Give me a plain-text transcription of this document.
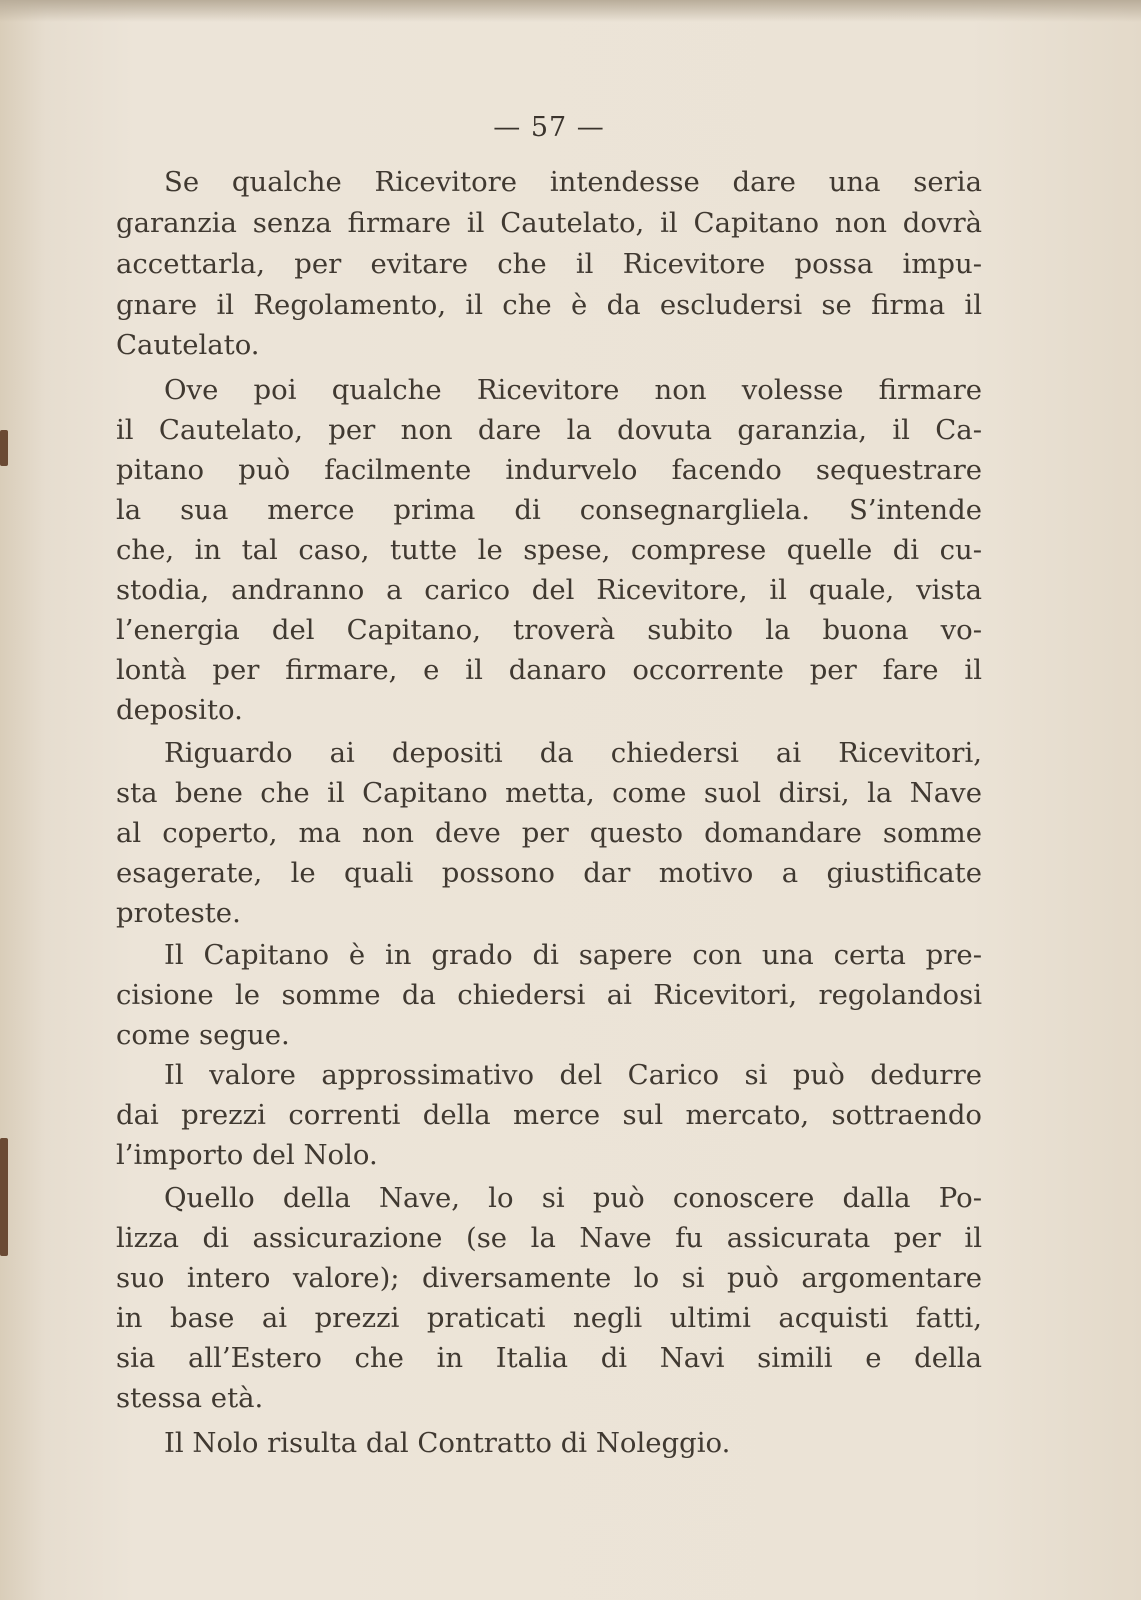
— 57 —
Se qualche Ricevitore intendesse dare una seria
garanzia senza firmare il Cautelato, il Capitano non dovrà
accettarla, per evitare che il Ricevitore possa impu-
gnare il Regolamento, il che è da escludersi se firma il
Cautelato.
Ove poi qualche Ricevitore non volesse firmare
il Cautelato, per non dare la dovuta garanzia, il Ca-
pitano può facilmente indurvelo facendo sequestrare
la sua merce prima di consegnargliela. S’intende
che, in tal caso, tutte le spese, comprese quelle di cu-
stodia, andranno a carico del Ricevitore, il quale, vista
l’energia del Capitano, troverà subito la buona vo-
lontà per firmare, e il danaro occorrente per fare il
deposito.
Riguardo ai depositi da chiedersi ai Ricevitori,
sta bene che il Capitano metta, come suol dirsi, la Nave
al coperto, ma non deve per questo domandare somme
esagerate, le quali possono dar motivo a giustificate
proteste.
Il Capitano è in grado di sapere con una certa pre-
cisione le somme da chiedersi ai Ricevitori, regolandosi
come segue.
Il valore approssimativo del Carico si può dedurre
dai prezzi correnti della merce sul mercato, sottraendo
l’importo del Nolo.
Quello della Nave, lo si può conoscere dalla Po-
lizza di assicurazione (se la Nave fu assicurata per il
suo intero valore); diversamente lo si può argomentare
in base ai prezzi praticati negli ultimi acquisti fatti,
sia all’Estero che in Italia di Navi simili e della
stessa età.
Il Nolo risulta dal Contratto di Noleggio.
